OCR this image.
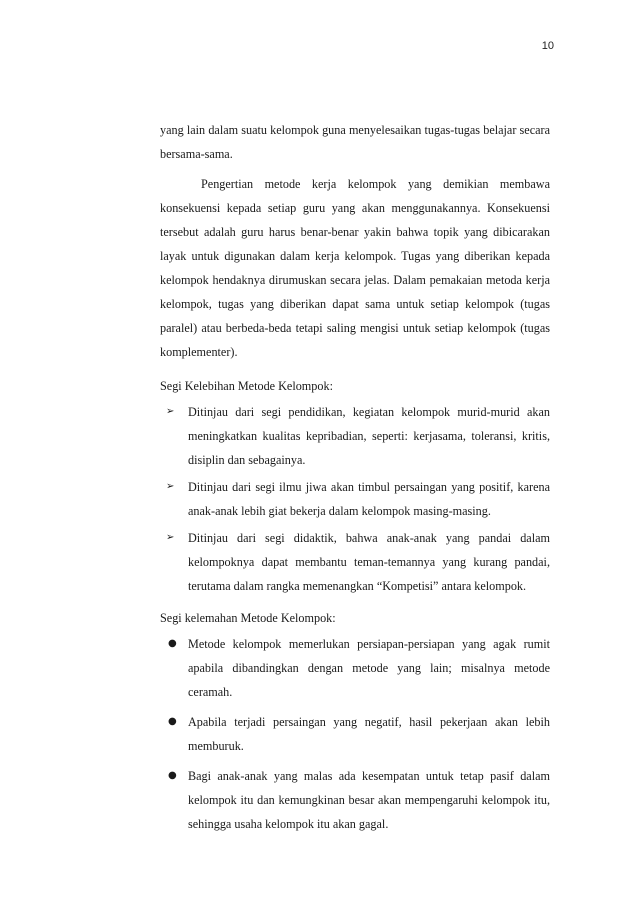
10

yang lain dalam suatu kelompok guna menyelesaikan tugas-tugas belajar secara bersama-sama.

Pengertian metode kerja kelompok yang demikian membawa konsekuensi kepada setiap guru yang akan menggunakannya. Konsekuensi tersebut adalah guru harus benar-benar yakin bahwa topik yang dibicarakan layak untuk digunakan dalam kerja kelompok. Tugas yang diberikan kepada kelompok hendaknya dirumuskan secara jelas. Dalam pemakaian metoda kerja kelompok, tugas yang diberikan dapat sama untuk setiap kelompok (tugas paralel) atau berbeda-beda tetapi saling mengisi untuk setiap kelompok (tugas komplementer).

Segi Kelebihan Metode Kelompok:

➢	Ditinjau dari segi pendidikan, kegiatan kelompok murid-murid akan meningkatkan kualitas kepribadian, seperti: kerjasama, toleransi, kritis, disiplin dan sebagainya.
➢	Ditinjau dari segi ilmu jiwa akan timbul persaingan yang positif, karena anak-anak lebih giat bekerja dalam kelompok masing-masing.
➢	Ditinjau dari segi didaktik, bahwa anak-anak yang pandai dalam kelompoknya dapat membantu teman-temannya yang kurang pandai, terutama dalam rangka memenangkan “Kompetisi” antara kelompok.

Segi kelemahan Metode Kelompok:

● Metode kelompok memerlukan persiapan-persiapan yang agak rumit apabila dibandingkan dengan metode yang lain; misalnya metode ceramah.
● Apabila terjadi persaingan yang negatif, hasil pekerjaan akan lebih memburuk.
● Bagi anak-anak yang malas ada kesempatan untuk tetap pasif dalam kelompok itu dan kemungkinan besar akan mempengaruhi kelompok itu, sehingga usaha kelompok itu akan gagal.
